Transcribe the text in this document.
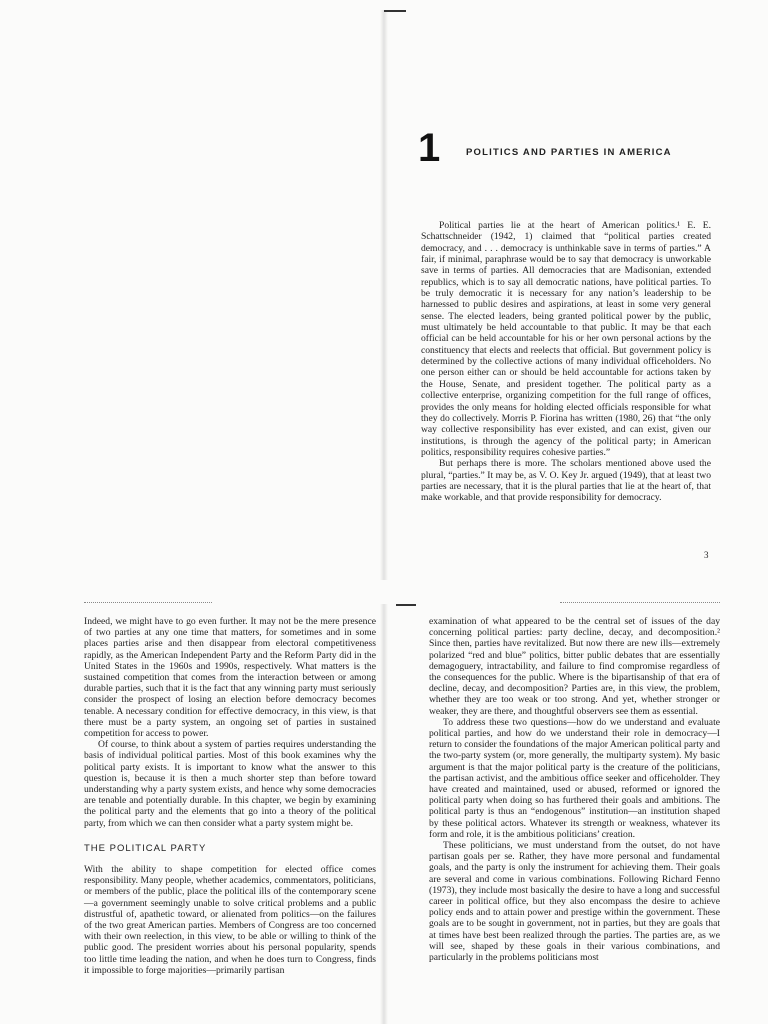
1	POLITICS AND PARTIES IN AMERICA

Political parties lie at the heart of American politics.¹ E. E. Schattschneider (1942, 1) claimed that “political parties created democracy, and . . . democracy is unthinkable save in terms of parties.” A fair, if minimal, paraphrase would be to say that democracy is unworkable save in terms of parties. All democracies that are Madisonian, extended republics, which is to say all democratic nations, have political parties. To be truly democratic it is necessary for any nation’s leadership to be harnessed to public desires and aspirations, at least in some very general sense. The elected leaders, being granted political power by the public, must ultimately be held accountable to that public. It may be that each official can be held accountable for his or her own personal actions by the constituency that elects and reelects that official. But government policy is determined by the collective actions of many individual officeholders. No one person either can or should be held accountable for actions taken by the House, Senate, and president together. The political party as a collective enterprise, organizing competition for the full range of offices, provides the only means for holding elected officials responsible for what they do collectively. Morris P. Fiorina has written (1980, 26) that “the only way collective responsibility has ever existed, and can exist, given our institutions, is through the agency of the political party; in American politics, responsibility requires cohesive parties.”

But perhaps there is more. The scholars mentioned above used the plural, “parties.” It may be, as V. O. Key Jr. argued (1949), that at least two parties are necessary, that it is the plural parties that lie at the heart of, that make workable, and that provide responsibility for democracy.

3

Indeed, we might have to go even further. It may not be the mere presence of two parties at any one time that matters, for sometimes and in some places parties arise and then disappear from electoral competitiveness rapidly, as the American Independent Party and the Reform Party did in the United States in the 1960s and 1990s, respectively. What matters is the sustained competition that comes from the interaction between or among durable parties, such that it is the fact that any winning party must seriously consider the prospect of losing an election before democracy becomes tenable. A necessary condition for effective democracy, in this view, is that there must be a party system, an ongoing set of parties in sustained competition for access to power.

Of course, to think about a system of parties requires understanding the basis of individual political parties. Most of this book examines why the political party exists. It is important to know what the answer to this question is, because it is then a much shorter step than before toward understanding why a party system exists, and hence why some democracies are tenable and potentially durable. In this chapter, we begin by examining the political party and the elements that go into a theory of the political party, from which we can then consider what a party system might be.

THE POLITICAL PARTY

With the ability to shape competition for elected office comes responsibility. Many people, whether academics, commentators, politicians, or members of the public, place the political ills of the contemporary scene—a government seemingly unable to solve critical problems and a public distrustful of, apathetic toward, or alienated from politics—on the failures of the two great American parties. Members of Congress are too concerned with their own reelection, in this view, to be able or willing to think of the public good. The president worries about his personal popularity, spends too little time leading the nation, and when he does turn to Congress, finds it impossible to forge majorities—primarily partisan

examination of what appeared to be the central set of issues of the day concerning political parties: party decline, decay, and decomposition.² Since then, parties have revitalized. But now there are new ills—extremely polarized “red and blue” politics, bitter public debates that are essentially demagoguery, intractability, and failure to find compromise regardless of the consequences for the public. Where is the bipartisanship of that era of decline, decay, and decomposition? Parties are, in this view, the problem, whether they are too weak or too strong. And yet, whether stronger or weaker, they are there, and thoughtful observers see them as essential.

To address these two questions—how do we understand and evaluate political parties, and how do we understand their role in democracy—I return to consider the foundations of the major American political party and the two-party system (or, more generally, the multiparty system). My basic argument is that the major political party is the creature of the politicians, the partisan activist, and the ambitious office seeker and officeholder. They have created and maintained, used or abused, reformed or ignored the political party when doing so has furthered their goals and ambitions. The political party is thus an “endogenous” institution—an institution shaped by these political actors. Whatever its strength or weakness, whatever its form and role, it is the ambitious politicians’ creation.

These politicians, we must understand from the outset, do not have partisan goals per se. Rather, they have more personal and fundamental goals, and the party is only the instrument for achieving them. Their goals are several and come in various combinations. Following Richard Fenno (1973), they include most basically the desire to have a long and successful career in political office, but they also encompass the desire to achieve policy ends and to attain power and prestige within the government. These goals are to be sought in government, not in parties, but they are goals that at times have best been realized through the parties. The parties are, as we will see, shaped by these goals in their various combinations, and particularly in the problems politicians most
